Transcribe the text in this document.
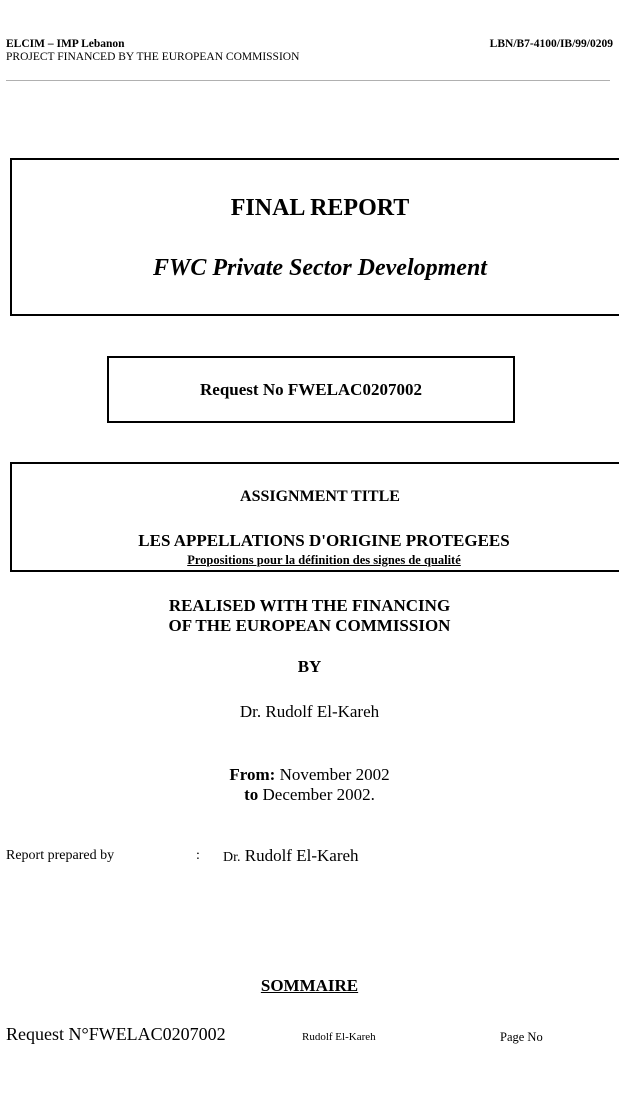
ELCIM – IMP Lebanon
PROJECT FINANCED BY THE EUROPEAN COMMISSION
LBN/B7-4100/IB/99/0209
FINAL REPORT
FWC Private Sector Development
Request No FWELAC0207002
ASSIGNMENT TITLE
LES APPELLATIONS D'ORIGINE PROTEGEES
Propositions pour la définition des signes de qualité
REALISED WITH THE FINANCING
OF THE EUROPEAN COMMISSION
BY
Dr. Rudolf El-Kareh
From: November 2002
to December 2002.
Report prepared by	: Dr. Rudolf El-Kareh
SOMMAIRE
Request N°FWELAC0207002	Rudolf El-Kareh	Page No
